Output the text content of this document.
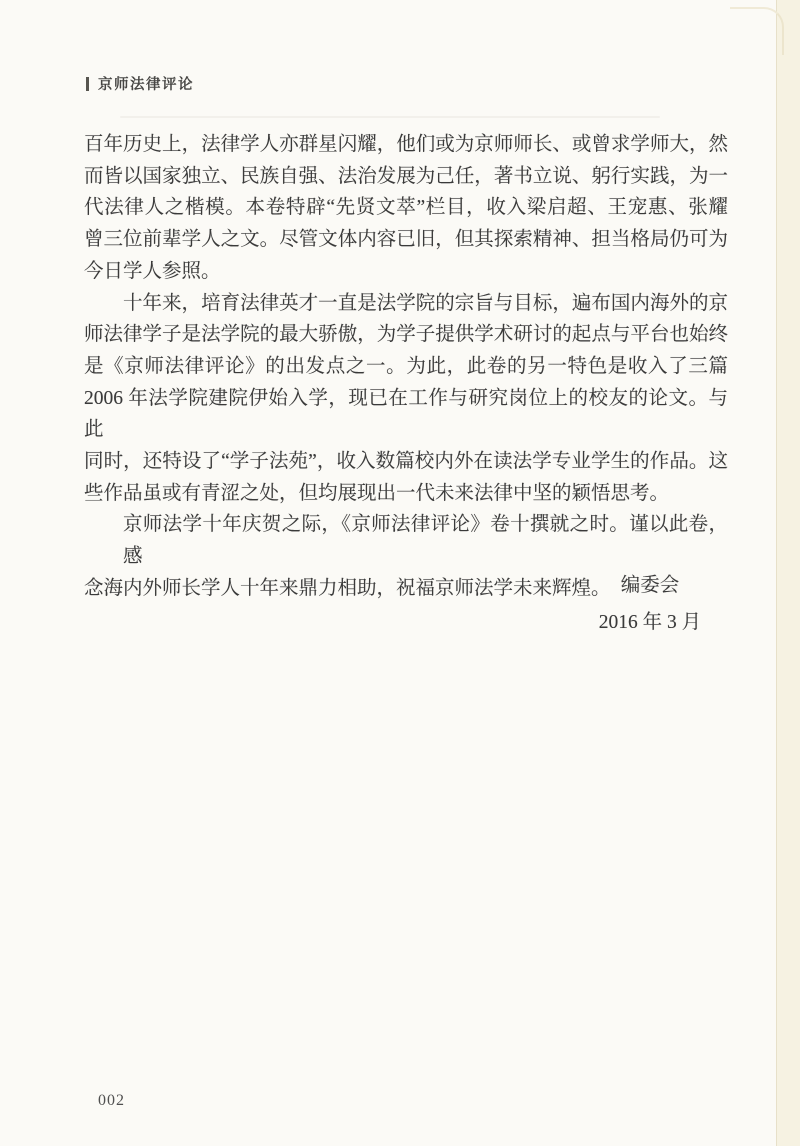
京师法律评论
百年历史上，法律学人亦群星闪耀，他们或为京师师长、或曾求学师大，然
而皆以国家独立、民族自强、法治发展为己任，著书立说、躬行实践，为一
代法律人之楷模。本卷特辟“先贤文萃”栏目，收入梁启超、王宠惠、张耀
曾三位前辈学人之文。尽管文体内容已旧，但其探索精神、担当格局仍可为
今日学人参照。
十年来，培育法律英才一直是法学院的宗旨与目标，遍布国内海外的京
师法律学子是法学院的最大骄傲，为学子提供学术研讨的起点与平台也始终
是《京师法律评论》的出发点之一。为此，此卷的另一特色是收入了三篇
2006 年法学院建院伊始入学，现已在工作与研究岗位上的校友的论文。与此
同时，还特设了“学子法苑”，收入数篇校内外在读法学专业学生的作品。这
些作品虽或有青涩之处，但均展现出一代未来法律中坚的颖悟思考。
京师法学十年庆贺之际，《京师法律评论》卷十撰就之时。谨以此卷，感
念海内外师长学人十年来鼎力相助，祝福京师法学未来辉煌。 编委会
2016 年 3 月
002
